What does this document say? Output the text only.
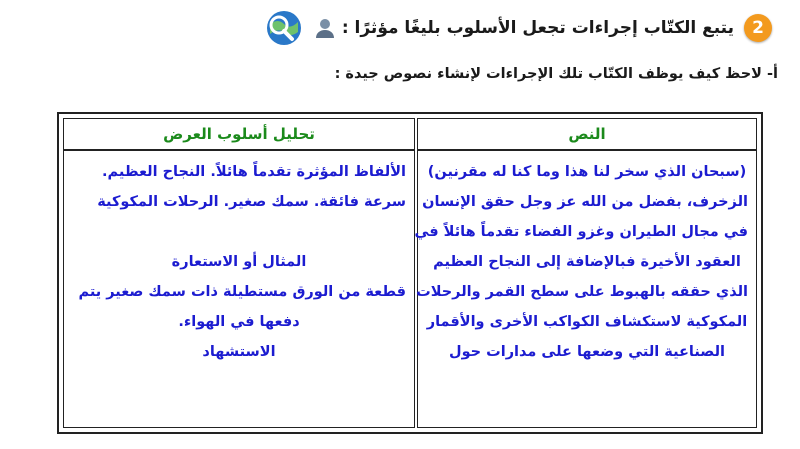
2
يتبع الكتّاب إجراءات تجعل الأسلوب بليغًا مؤثرًا :
أ- لاحظ كيف يوظف الكتّاب تلك الإجراءات لإنشاء نصوص جيدة :
النص
(سبحان الذي سخر لنا هذا وما كنا له مقرنين)
الزخرف، بفضل من الله عز وجل حقق الإنسان
في مجال الطيران وغزو الفضاء تقدماً هائلاً في
العقود الأخيرة فبالإضافة إلى النجاح العظيم
الذي حققه بالهبوط على سطح القمر والرحلات
المكوكية لاستكشاف الكواكب الأخرى والأقمار
الصناعية التي وضعها على مدارات حول
تحليل أسلوب العرض
الألفاظ المؤثرة تقدماً هائلاً. النجاح العظيم.
سرعة فائقة. سمك صغير. الرحلات المكوكية
المثال أو الاستعارة
قطعة من الورق مستطيلة ذات سمك صغير يتم
دفعها في الهواء.
الاستشهاد
